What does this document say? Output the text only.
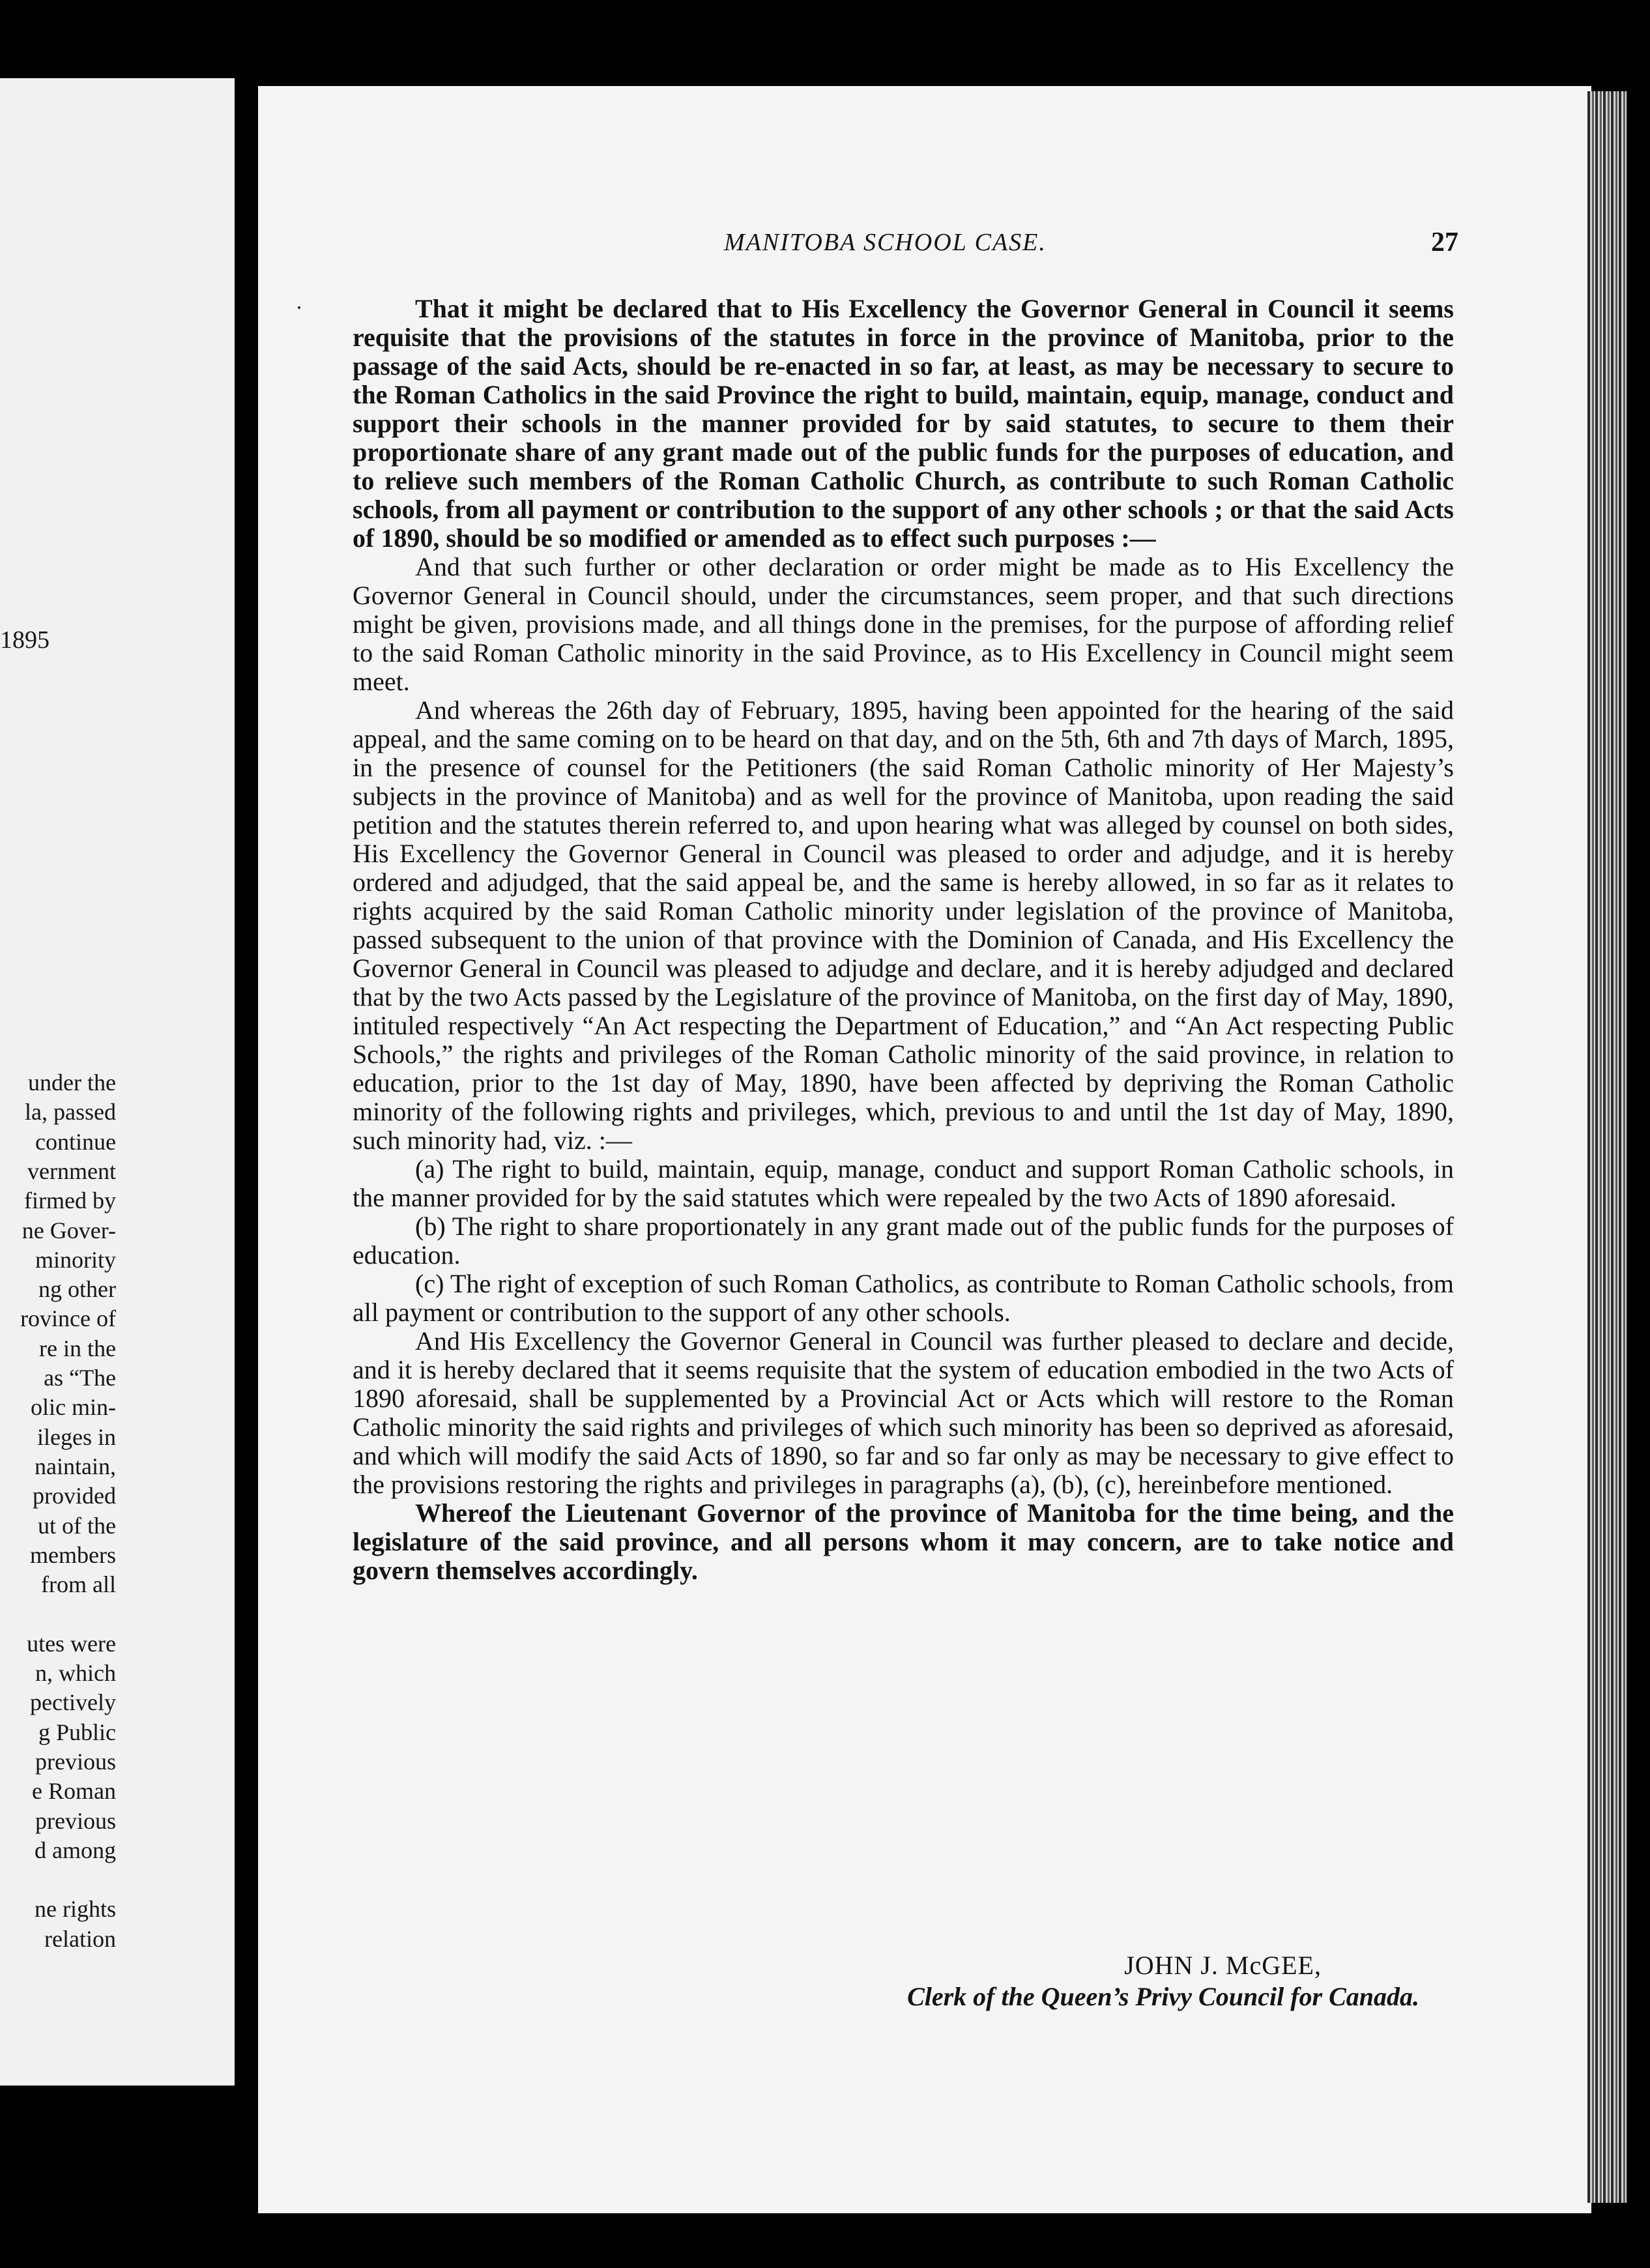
1895
under the
la, passed
continue
vernment
firmed by
ne Gover-
minority
ng other
rovince of
re in the
as “The
olic min-
ileges in
naintain,
provided
ut of the
members
from all
utes were
n, which
pectively
g Public
previous
e Roman
previous
d among
ne rights
relation
MANITOBA SCHOOL CASE.	27

That it might be declared that to His Excellency the Governor General in Council it seems requisite that the provisions of the statutes in force in the province of Manitoba, prior to the passage of the said Acts, should be re-enacted in so far, at least, as may be necessary to secure to the Roman Catholics in the said Province the right to build, maintain, equip, manage, conduct and support their schools in the manner provided for by said statutes, to secure to them their proportionate share of any grant made out of the public funds for the purposes of education, and to relieve such members of the Roman Catholic Church, as contribute to such Roman Catholic schools, from all payment or contribution to the support of any other schools ; or that the said Acts of 1890, should be so modified or amended as to effect such purposes :—

And that such further or other declaration or order might be made as to His Excellency the Governor General in Council should, under the circumstances, seem proper, and that such directions might be given, provisions made, and all things done in the premises, for the purpose of affording relief to the said Roman Catholic minority in the said Province, as to His Excellency in Council might seem meet.

And whereas the 26th day of February, 1895, having been appointed for the hearing of the said appeal, and the same coming on to be heard on that day, and on the 5th, 6th and 7th days of March, 1895, in the presence of counsel for the Petitioners (the said Roman Catholic minority of Her Majesty’s subjects in the province of Manitoba) and as well for the province of Manitoba, upon reading the said petition and the statutes therein referred to, and upon hearing what was alleged by counsel on both sides, His Excellency the Governor General in Council was pleased to order and adjudge, and it is hereby ordered and adjudged, that the said appeal be, and the same is hereby allowed, in so far as it relates to rights acquired by the said Roman Catholic minority under legislation of the province of Manitoba, passed subsequent to the union of that province with the Dominion of Canada, and His Excellency the Governor General in Council was pleased to adjudge and declare, and it is hereby adjudged and declared that by the two Acts passed by the Legislature of the province of Manitoba, on the first day of May, 1890, intituled respectively “An Act respecting the Department of Education,” and “An Act respecting Public Schools,” the rights and privileges of the Roman Catholic minority of the said province, in relation to education, prior to the 1st day of May, 1890, have been affected by depriving the Roman Catholic minority of the following rights and privileges, which, previous to and until the 1st day of May, 1890, such minority had, viz. :—

(a) The right to build, maintain, equip, manage, conduct and support Roman Catholic schools, in the manner provided for by the said statutes which were repealed by the two Acts of 1890 aforesaid.

(b) The right to share proportionately in any grant made out of the public funds for the purposes of education.

(c) The right of exception of such Roman Catholics, as contribute to Roman Catholic schools, from all payment or contribution to the support of any other schools.

And His Excellency the Governor General in Council was further pleased to declare and decide, and it is hereby declared that it seems requisite that the system of education embodied in the two Acts of 1890 aforesaid, shall be supplemented by a Provincial Act or Acts which will restore to the Roman Catholic minority the said rights and privileges of which such minority has been so deprived as aforesaid, and which will modify the said Acts of 1890, so far and so far only as may be necessary to give effect to the provisions restoring the rights and privileges in paragraphs (a), (b), (c), hereinbefore mentioned.

Whereof the Lieutenant Governor of the province of Manitoba for the time being, and the legislature of the said province, and all persons whom it may concern, are to take notice and govern themselves accordingly.

JOHN J. McGEE,
Clerk of the Queen’s Privy Council for Canada.
